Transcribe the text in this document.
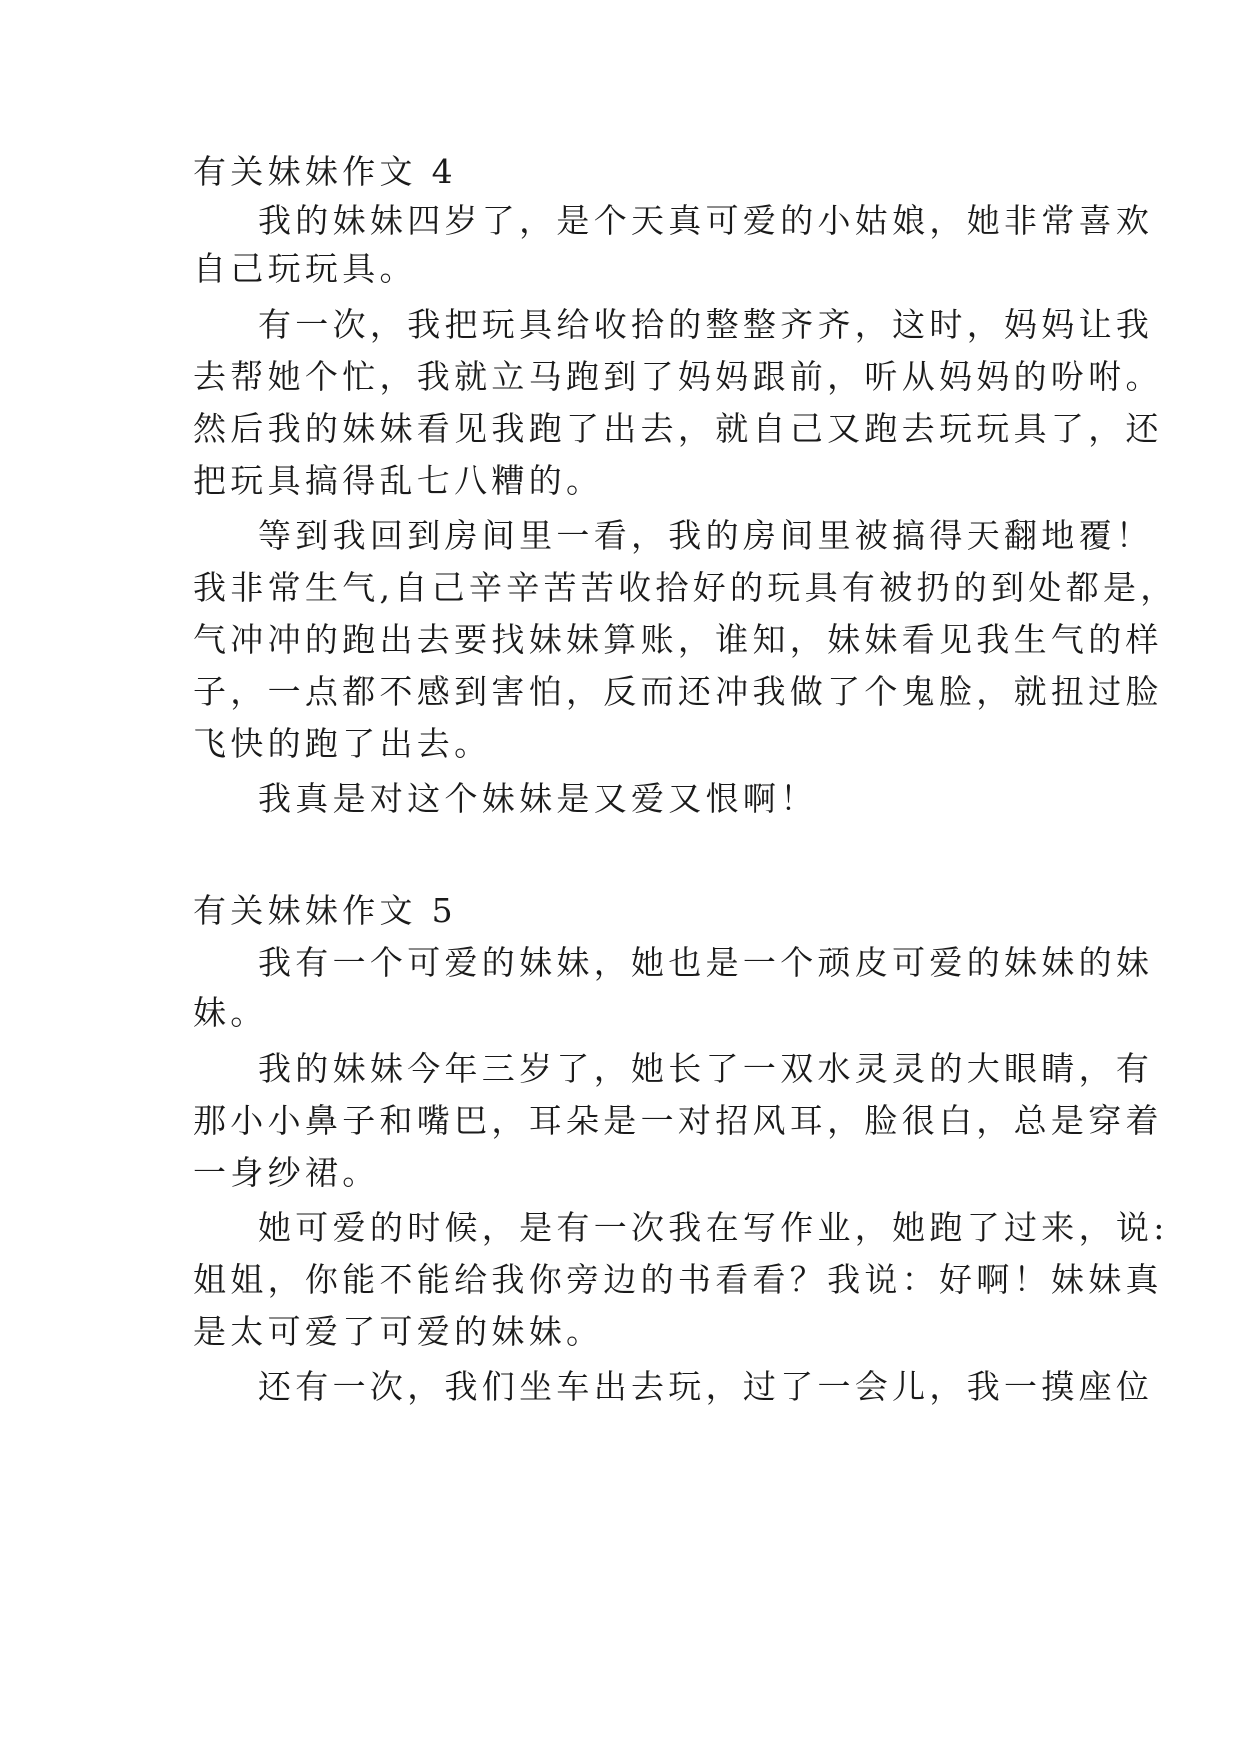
有关妹妹作文 4

我的妹妹四岁了，是个天真可爱的小姑娘，她非常喜欢

自己玩玩具。

有一次，我把玩具给收拾的整整齐齐，这时，妈妈让我

去帮她个忙，我就立马跑到了妈妈跟前，听从妈妈的吩咐。

然后我的妹妹看见我跑了出去，就自己又跑去玩玩具了，还

把玩具搞得乱七八糟的。

等到我回到房间里一看，我的房间里被搞得天翻地覆！

我非常生气,自己辛辛苦苦收拾好的玩具有被扔的到处都是，

气冲冲的跑出去要找妹妹算账，谁知，妹妹看见我生气的样

子，一点都不感到害怕，反而还冲我做了个鬼脸，就扭过脸

飞快的跑了出去。

我真是对这个妹妹是又爱又恨啊！

有关妹妹作文 5

我有一个可爱的妹妹，她也是一个顽皮可爱的妹妹的妹

妹。

我的妹妹今年三岁了，她长了一双水灵灵的大眼睛，有

那小小鼻子和嘴巴，耳朵是一对招风耳，脸很白，总是穿着

一身纱裙。

她可爱的时候，是有一次我在写作业，她跑了过来，说:

姐姐，你能不能给我你旁边的书看看？我说：好啊！妹妹真

是太可爱了可爱的妹妹。

还有一次，我们坐车出去玩，过了一会儿，我一摸座位
